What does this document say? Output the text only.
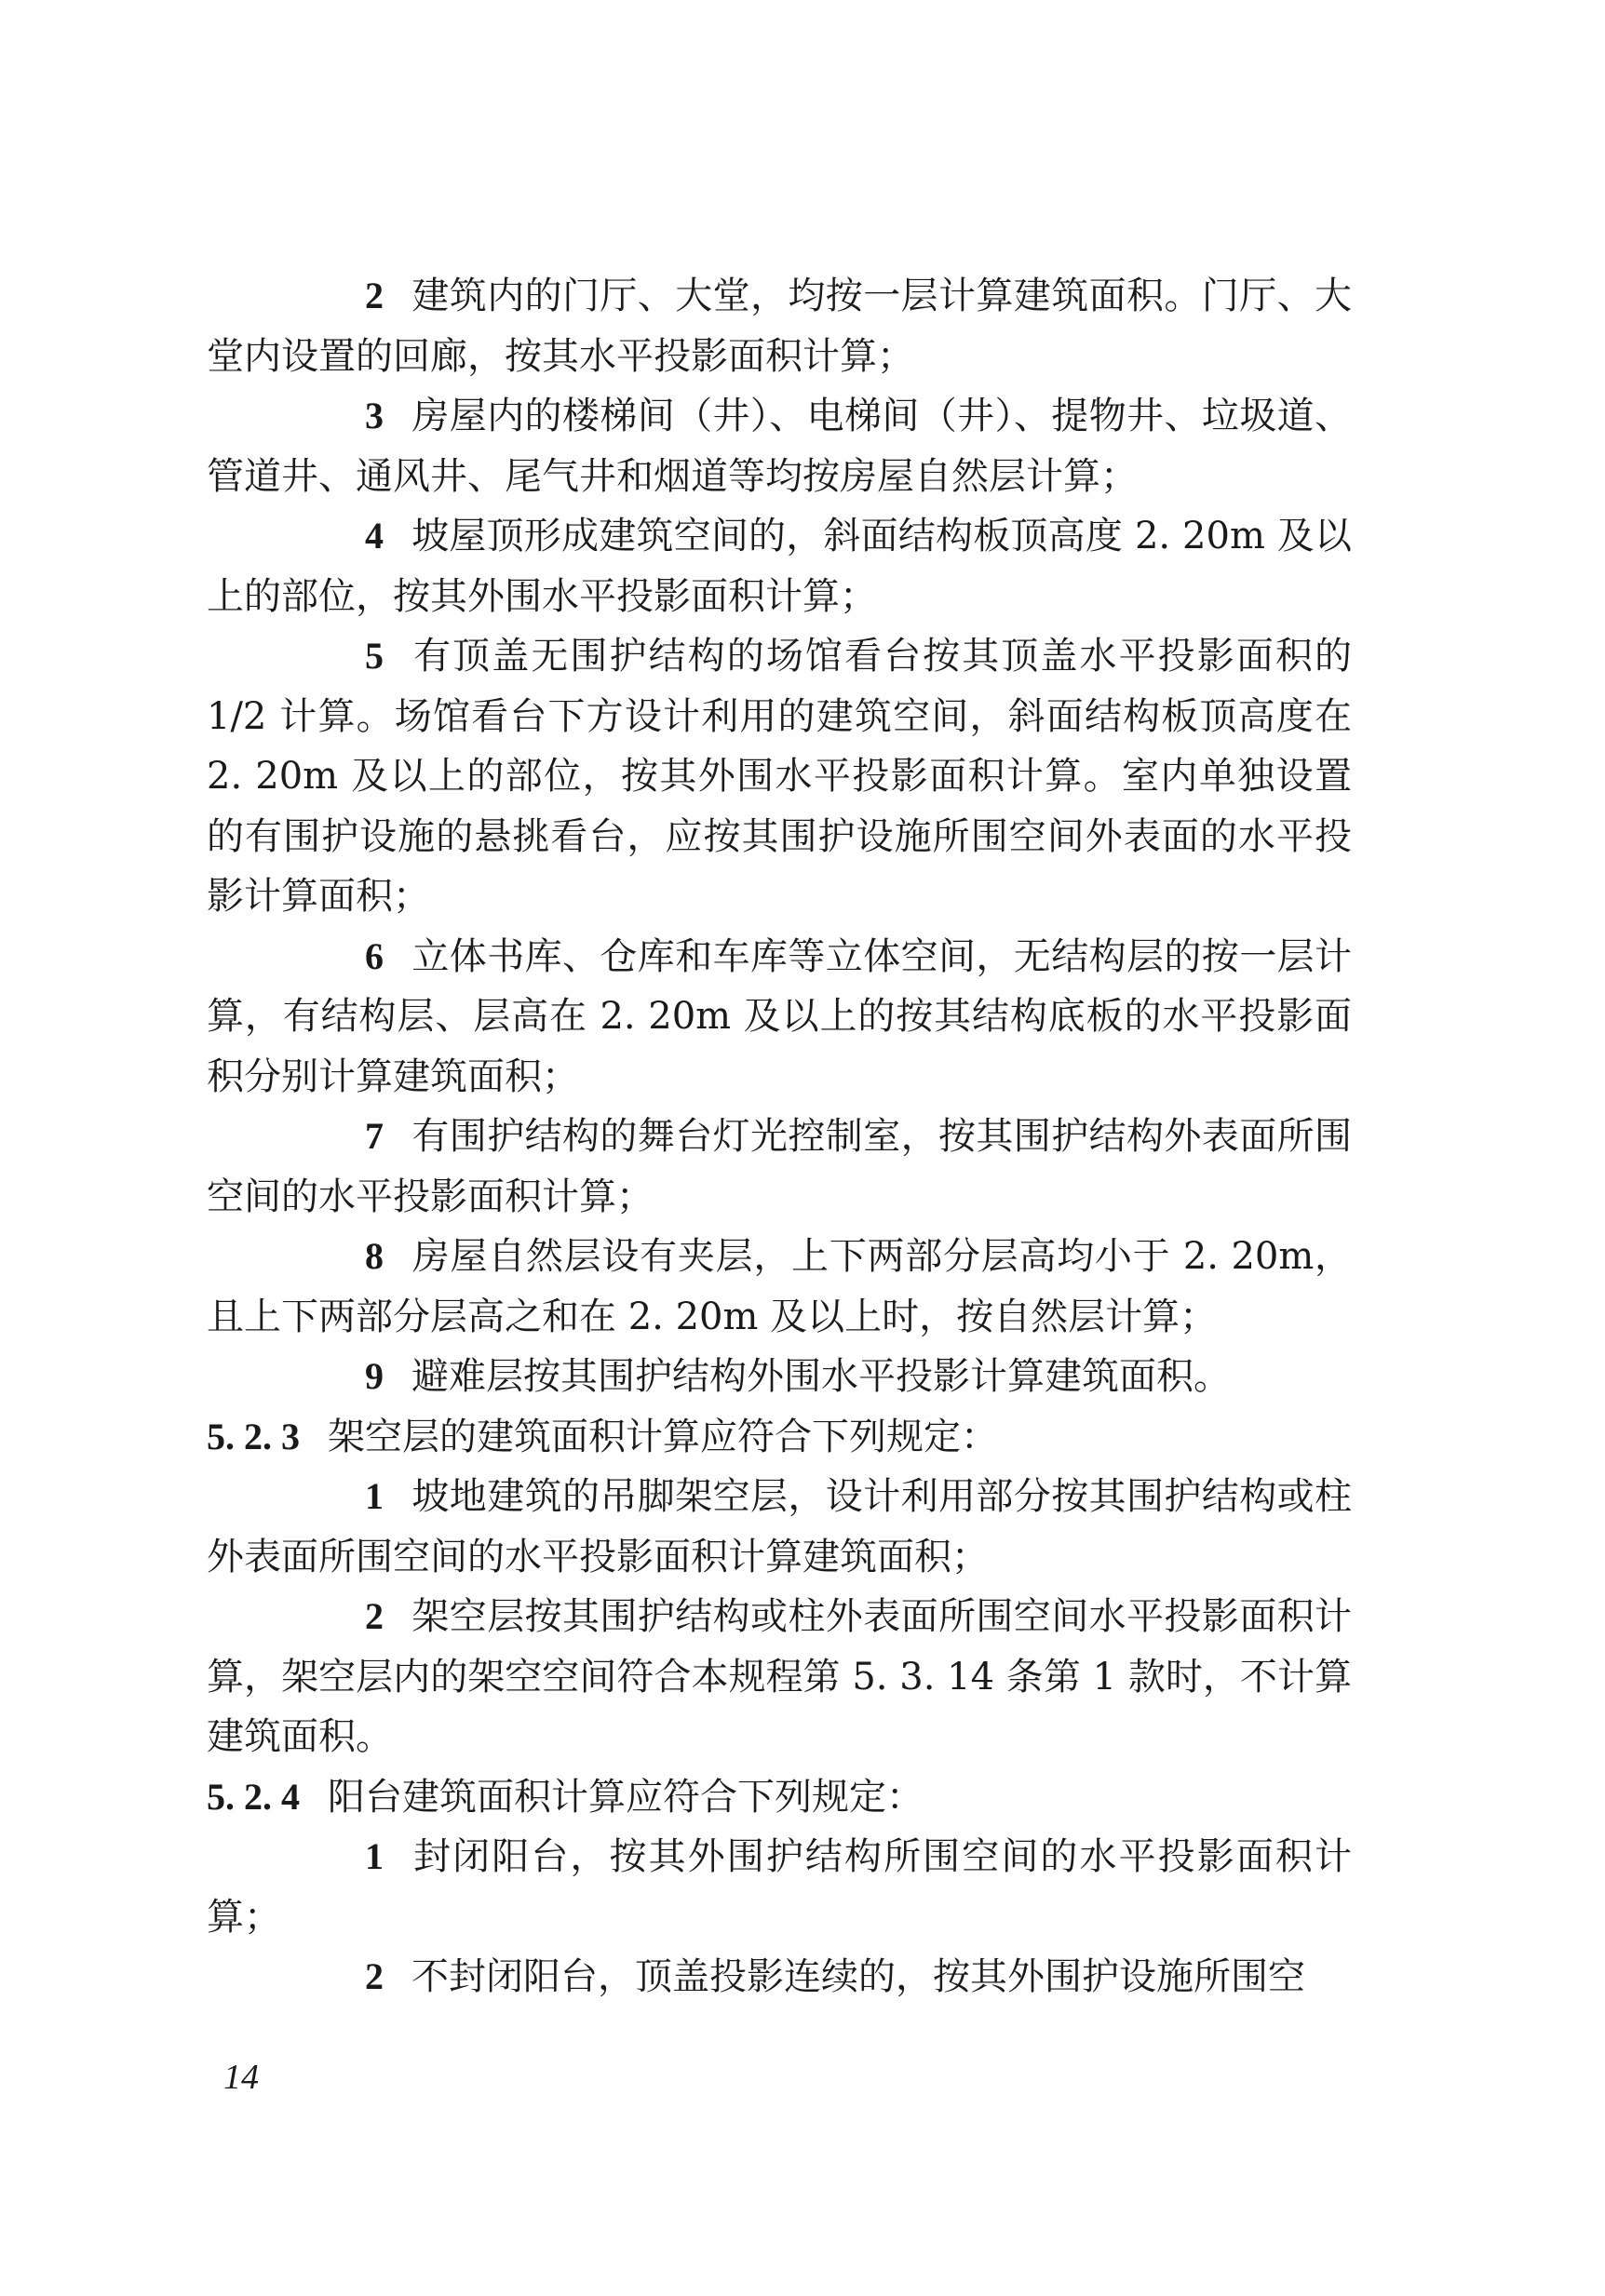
2 建筑内的门厅、大堂，均按一层计算建筑面积。门厅、大堂内设置的回廊，按其水平投影面积计算；

3 房屋内的楼梯间（井）、电梯间（井）、提物井、垃圾道、管道井、通风井、尾气井和烟道等均按房屋自然层计算；

4 坡屋顶形成建筑空间的，斜面结构板顶高度 2. 20m 及以上的部位，按其外围水平投影面积计算；

5 有顶盖无围护结构的场馆看台按其顶盖水平投影面积的 1/2 计算。场馆看台下方设计利用的建筑空间，斜面结构板顶高度在 2. 20m 及以上的部位，按其外围水平投影面积计算。室内单独设置的有围护设施的悬挑看台，应按其围护设施所围空间外表面的水平投影计算面积；

6 立体书库、仓库和车库等立体空间，无结构层的按一层计算，有结构层、层高在 2. 20m 及以上的按其结构底板的水平投影面积分别计算建筑面积；

7 有围护结构的舞台灯光控制室，按其围护结构外表面所围空间的水平投影面积计算；

8 房屋自然层设有夹层，上下两部分层高均小于 2. 20m，且上下两部分层高之和在 2. 20m 及以上时，按自然层计算；

9 避难层按其围护结构外围水平投影计算建筑面积。

5. 2. 3 架空层的建筑面积计算应符合下列规定：

1 坡地建筑的吊脚架空层，设计利用部分按其围护结构或柱外表面所围空间的水平投影面积计算建筑面积；

2 架空层按其围护结构或柱外表面所围空间水平投影面积计算，架空层内的架空空间符合本规程第 5. 3. 14 条第 1 款时，不计算建筑面积。

5. 2. 4 阳台建筑面积计算应符合下列规定：

1 封闭阳台，按其外围护结构所围空间的水平投影面积计算；

2 不封闭阳台，顶盖投影连续的，按其外围护设施所围空

14
